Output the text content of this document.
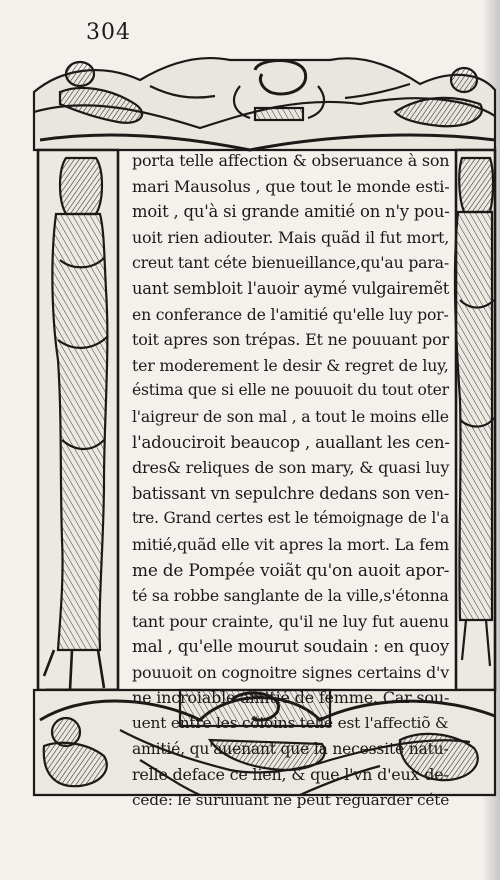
304
porta telle affection & obseruance à son
mari Mausolus , que tout le monde esti-
moit , qu'à si grande amitié on n'y pou-
uoit rien adiouter. Mais quãd il fut mort,
creut tant céte bienueillance,qu'au para-
uant sembloit l'auoir aymé vulgairemẽt
en conferance de l'amitié qu'elle luy por-
toit apres son trépas. Et ne pouuant por
ter moderement le desir & regret de luy,
éstima que si elle ne pouuoit du tout oter
l'aigreur de son mal , a tout le moins elle
l'adouciroit beaucop , auallant les cen-
dres& reliques de son mary, & quasi luy
batissant vn sepulchre dedans son ven-
tre. Grand certes est le témoignage de l'a
mitié,quãd elle vit apres la mort. La fem
me de Pompée voiãt qu'on auoit apor-
té sa robbe sanglante de la ville,s'étonna
tant pour crainte, qu'il ne luy fut auenu
mal , qu'elle mourut soudain : en quoy
pouuoit on cognoitre signes certains d'v
ne incroiable amitié de femme. Car sou-
uent entre les cõioins telle est l'affectiõ &
amitié, qu'auenant que la necessité natu-
relle deface ce lien, & que l'vn d'eux de-
cede: le suruiuant ne peut reguarder céte
